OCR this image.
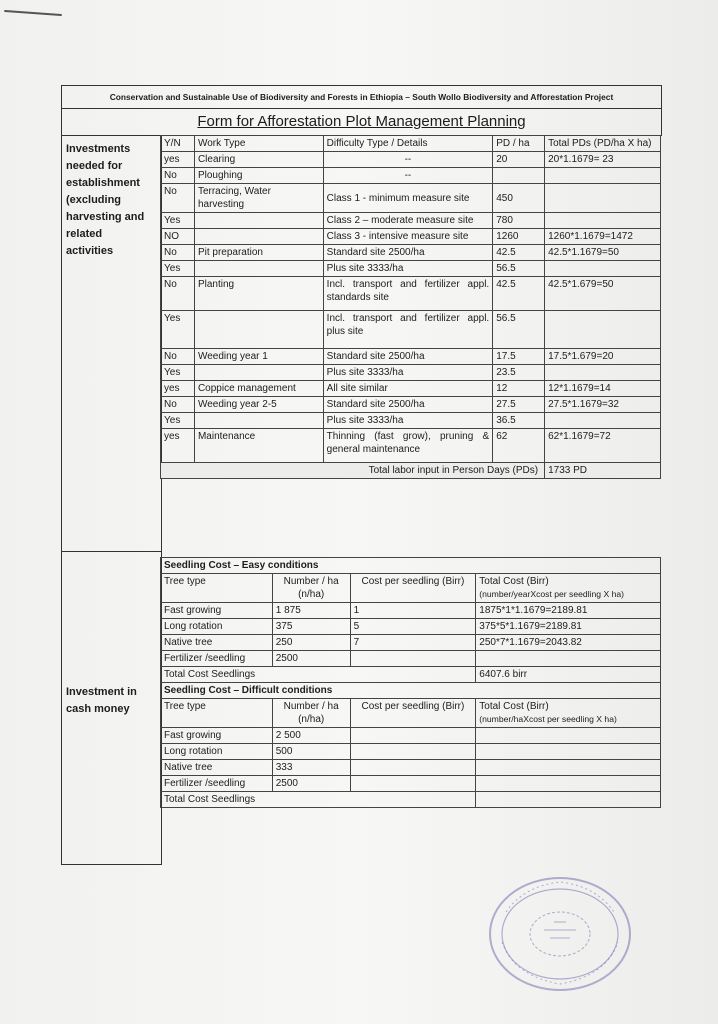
Conservation and Sustainable Use of Biodiversity and Forests in Ethiopia – South Wollo Biodiversity and Afforestation Project
Form for Afforestation Plot Management Planning
Investments
needed for
establishment
(excluding
harvesting and
related
activities
Y/N	Work Type	Difficulty Type / Details	PD / ha	Total PDs (PD/ha X ha)
yes	Clearing	--	20	20*1.1679= 23
No	Ploughing	--		
No	Terracing, Water harvesting	Class 1 - minimum measure site	450	
Yes		Class 2 – moderate measure site	780	
NO		Class 3 - intensive measure site	1260	1260*1.1679=1472
No	Pit preparation	Standard site 2500/ha	42.5	42.5*1.1679=50
Yes		Plus site 3333/ha	56.5	
No	Planting	Incl. transport and fertilizer appl. standards site	42.5	42.5*1.679=50
Yes		Incl. transport and fertilizer appl. plus site	56.5	
No	Weeding year 1	Standard site 2500/ha	17.5	17.5*1.679=20
Yes		Plus site 3333/ha	23.5	
yes	Coppice management	All site similar	12	12*1.1679=14
No	Weeding year 2-5	Standard site 2500/ha	27.5	27.5*1.1679=32
Yes		Plus site 3333/ha	36.5	
yes	Maintenance	Thinning (fast grow), pruning & general maintenance	62	62*1.1679=72
Total labor input in Person Days (PDs)				1733 PD
Investment in
cash money
Seedling Cost – Easy conditions			
Tree type	Number / ha (n/ha)	Cost per seedling (Birr)	Total Cost (Birr)
(number/yearXcost per seedling X ha)

Fast growing	1 875	1	1875*1*1.1679=2189.81
Long rotation	375	5	375*5*1.1679=2189.81
Native tree	250	7	250*7*1.1679=2043.82
Fertilizer /seedling	2500		
Total Cost Seedlings			6407.6 birr
Seedling Cost – Difficult conditions			
Tree type	Number / ha (n/ha)	Cost per seedling (Birr)	Total Cost (Birr)
(number/haXcost per seedling X ha)

Fast growing	2 500		
Long rotation	500		
Native tree	333		
Fertilizer /seedling	2500		
Total Cost Seedlings			
